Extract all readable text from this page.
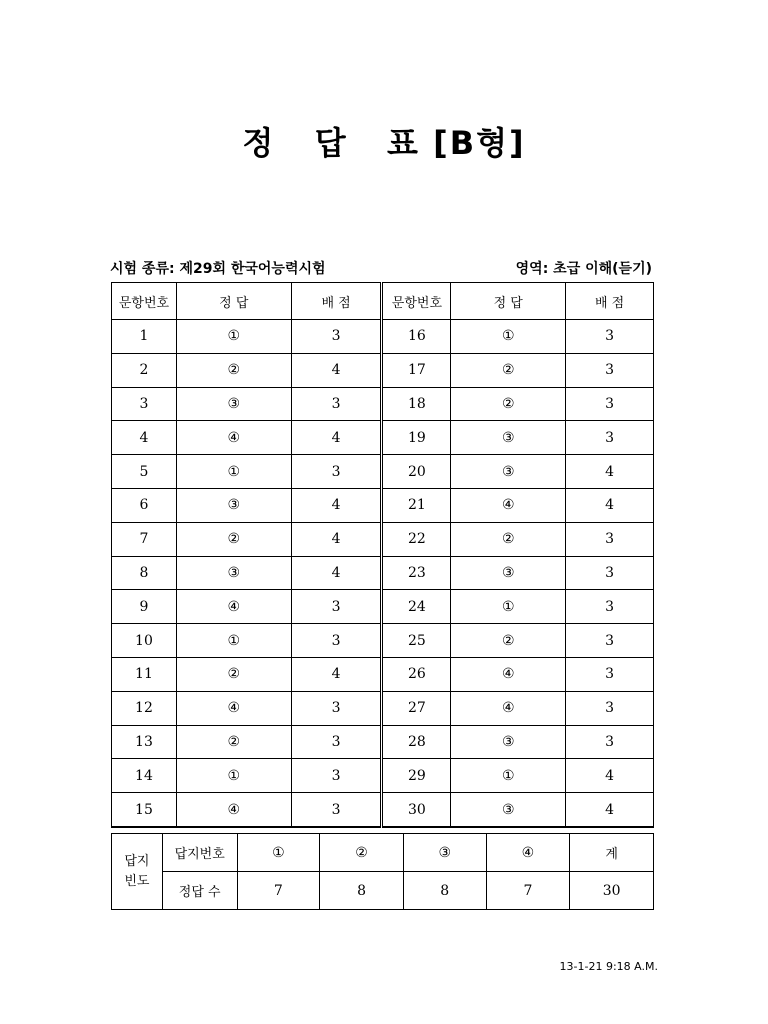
정   답   표 [B형]
시험 종류: 제29회 한국어능력시험	영역: 초급 이해(듣기)
문항번호	정 답	배 점	문항번호	정 답	배 점
1	①	3	16	①	3
2	②	4	17	②	3
3	③	3	18	②	3
4	④	4	19	③	3
5	①	3	20	③	4
6	③	4	21	④	4
7	②	4	22	②	3
8	③	4	23	③	3
9	④	3	24	①	3
10	①	3	25	②	3
11	②	4	26	④	3
12	④	3	27	④	3
13	②	3	28	③	3
14	①	3	29	①	4
15	④	3	30	③	4
답지
빈도	답지번호	①	②	③	④	계
	정답 수	7	8	8	7	30
13-1-21 9:18 A.M.
